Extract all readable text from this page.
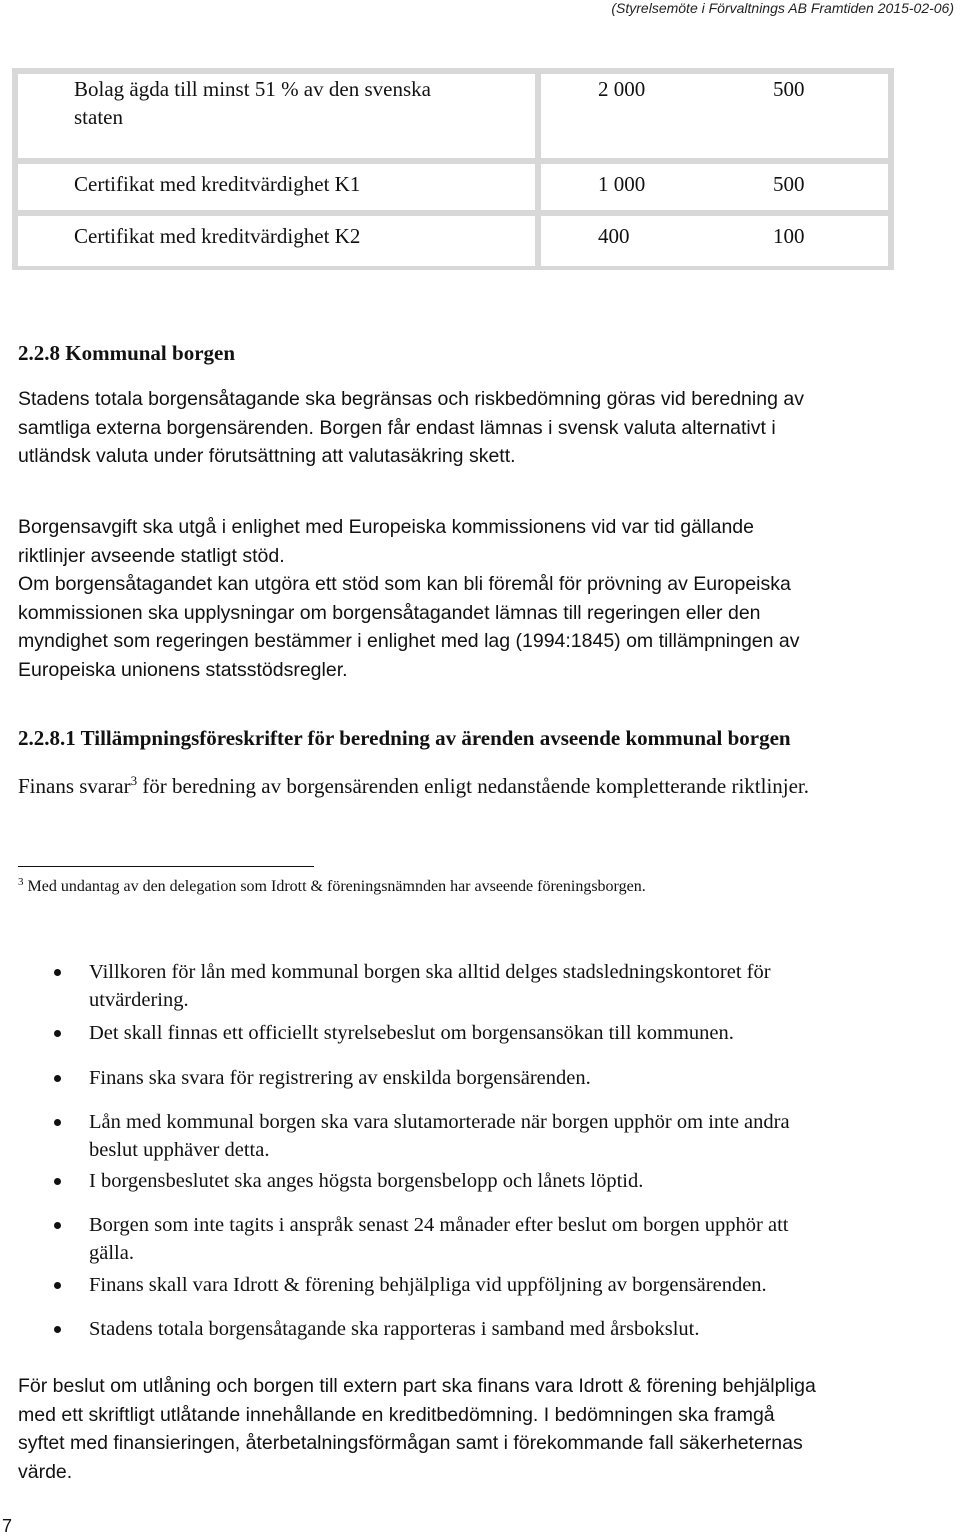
(Styrelsemöte i Förvaltnings AB Framtiden 2015-02-06)
Bolag ägda till minst 51 % av den svenska
staten
2 000	500
Certifikat med kreditvärdighet K1	1 000	500
Certifikat med kreditvärdighet K2	400	100
2.2.8 Kommunal borgen
Stadens totala borgensåtagande ska begränsas och riskbedömning göras vid beredning av
samtliga externa borgensärenden. Borgen får endast lämnas i svensk valuta alternativt i
utländsk valuta under förutsättning att valutasäkring skett.
Borgensavgift ska utgå i enlighet med Europeiska kommissionens vid var tid gällande
riktlinjer avseende statligt stöd.
Om borgensåtagandet kan utgöra ett stöd som kan bli föremål för prövning av Europeiska
kommissionen ska upplysningar om borgensåtagandet lämnas till regeringen eller den
myndighet som regeringen bestämmer i enlighet med lag (1994:1845) om tillämpningen av
Europeiska unionens statsstödsregler.
2.2.8.1 Tillämpningsföreskrifter för beredning av ärenden avseende kommunal borgen
Finans svarar$^3$ för beredning av borgensärenden enligt nedanstående kompletterande riktlinjer.
$^3$ Med undantag av den delegation som Idrott & föreningsnämnden har avseende föreningsborgen.
Villkoren för lån med kommunal borgen ska alltid delges stadsledningskontoret för
utvärdering.
Det skall finnas ett officiellt styrelsebeslut om borgensansökan till kommunen.
Finans ska svara för registrering av enskilda borgensärenden.
Lån med kommunal borgen ska vara slutamorterade när borgen upphör om inte andra
beslut upphäver detta.
I borgensbeslutet ska anges högsta borgensbelopp och lånets löptid.
Borgen som inte tagits i anspråk senast 24 månader efter beslut om borgen upphör att
gälla.
Finans skall vara Idrott & förening behjälpliga vid uppföljning av borgensärenden.
Stadens totala borgensåtagande ska rapporteras i samband med årsbokslut.
För beslut om utlåning och borgen till extern part ska finans vara Idrott & förening behjälpliga
med ett skriftligt utlåtande innehållande en kreditbedömning. I bedömningen ska framgå
syftet med finansieringen, återbetalningsförmågan samt i förekommande fall säkerheternas
värde.
7
